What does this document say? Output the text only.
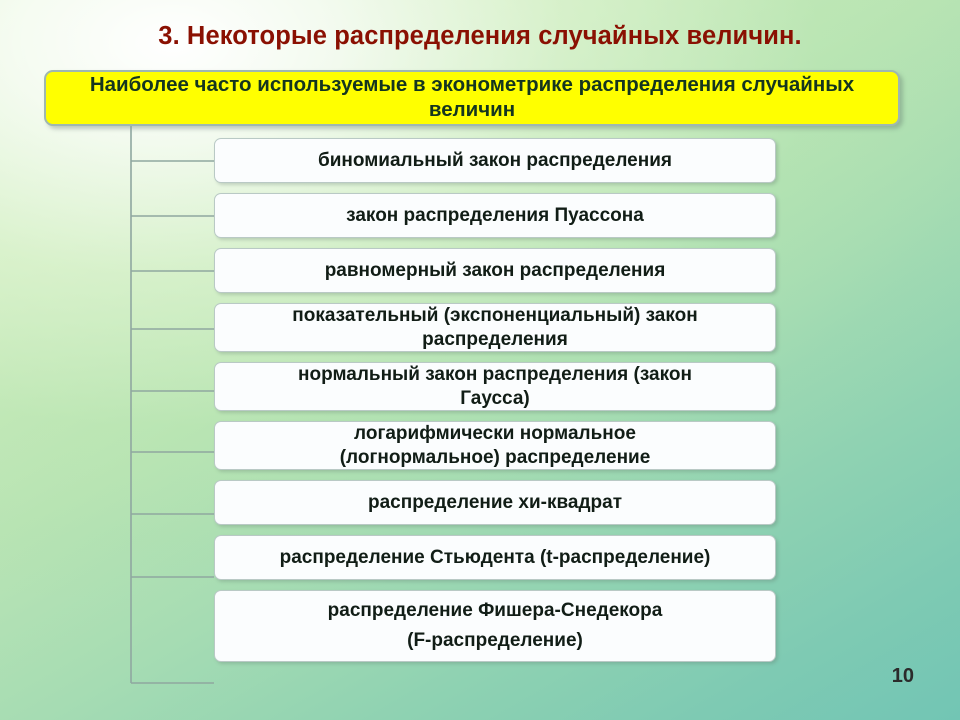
3. Некоторые распределения случайных величин.
Наиболее часто используемые в эконометрике распределения случайных величин
биномиальный закон распределения
закон распределения Пуассона
равномерный закон распределения
показательный (экспоненциальный) закон
распределения
нормальный закон распределения (закон
Гаусса)
логарифмически нормальное
(логнормальное) распределение
распределение хи-квадрат
распределение Стьюдента (t-распределение)
распределение Фишера-Снедекора
(F-распределение)
10
